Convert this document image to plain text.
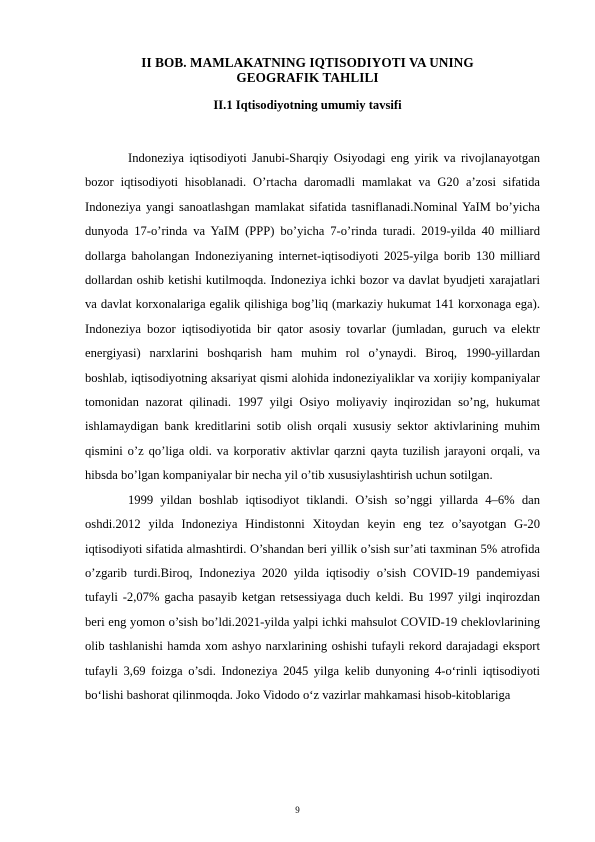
II BOB. MAMLAKATNING IQTISODIYOTI VA UNING
GEOGRAFIK TAHLILI
II.1 Iqtisodiyotning umumiy tavsifi

Indoneziya iqtisodiyoti Janubi-Sharqiy Osiyodagi eng yirik va rivojlanayotgan bozor iqtisodiyoti hisoblanadi. O’rtacha daromadli mamlakat va G20 a’zosi sifatida Indoneziya yangi sanoatlashgan mamlakat sifatida tasniflanadi.Nominal YaIM bo’yicha dunyoda 17-o’rinda va YaIM (PPP) bo’yicha 7-o’rinda turadi. 2019-yilda 40 milliard dollarga baholangan Indoneziyaning internet-iqtisodiyoti 2025-yilga borib 130 milliard dollardan oshib ketishi kutilmoqda. Indoneziya ichki bozor va davlat byudjeti xarajatlari va davlat korxonalariga egalik qilishiga bog’liq (markaziy hukumat 141 korxonaga ega). Indoneziya bozor iqtisodiyotida bir qator asosiy tovarlar (jumladan, guruch va elektr energiyasi) narxlarini boshqarish ham muhim rol o’ynaydi. Biroq, 1990-yillardan boshlab, iqtisodiyotning aksariyat qismi alohida indoneziyaliklar va xorijiy kompaniyalar tomonidan nazorat qilinadi. 1997 yilgi Osiyo moliyaviy inqirozidan so’ng, hukumat ishlamaydigan bank kreditlarini sotib olish orqali xususiy sektor aktivlarining muhim qismini o’z qo’liga oldi. va korporativ aktivlar qarzni qayta tuzilish jarayoni orqali, va hibsda bo’lgan kompaniyalar bir necha yil o’tib xususiylashtirish uchun sotilgan.

1999 yildan boshlab iqtisodiyot tiklandi. O’sish so’nggi yillarda 4–6% dan oshdi.2012 yilda Indoneziya Hindistonni Xitoydan keyin eng tez o’sayotgan G-20 iqtisodiyoti sifatida almashtirdi. O’shandan beri yillik o’sish sur’ati taxminan 5% atrofida o’zgarib turdi.Biroq, Indoneziya 2020 yilda iqtisodiy o’sish COVID-19 pandemiyasi tufayli -2,07% gacha pasayib ketgan retsessiyaga duch keldi. Bu 1997 yilgi inqirozdan beri eng yomon o’sish bo’ldi.2021-yilda yalpi ichki mahsulot COVID-19 cheklovlarining olib tashlanishi hamda xom ashyo narxlarining oshishi tufayli rekord darajadagi eksport tufayli 3,69 foizga o’sdi. Indoneziya 2045 yilga kelib dunyoning 4-o‘rinli iqtisodiyoti bo‘lishi bashorat qilinmoqda. Joko Vidodo o‘z vazirlar mahkamasi hisob-kitoblariga

9
